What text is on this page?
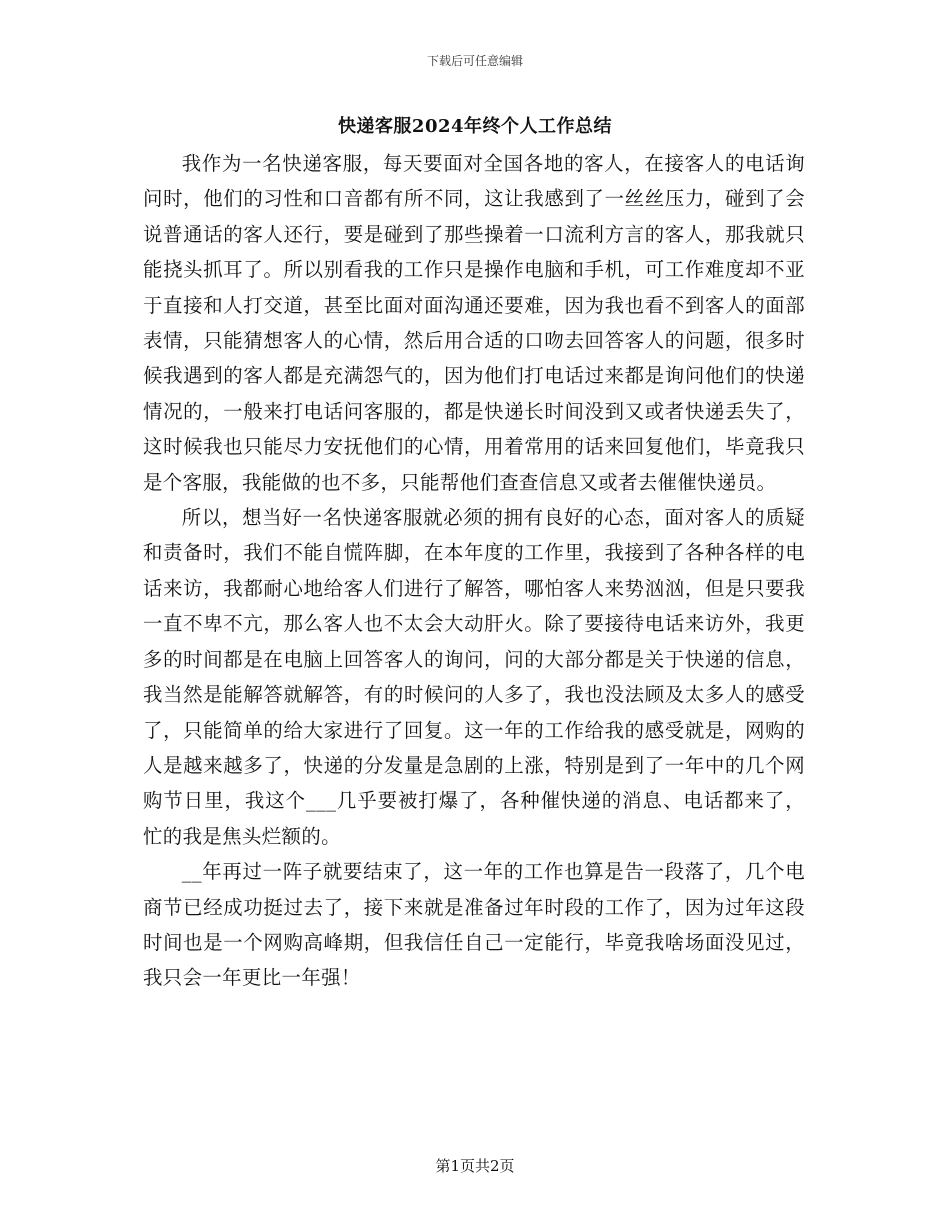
下载后可任意编辑
快递客服2024年终个人工作总结

我作为一名快递客服，每天要面对全国各地的客人，在接客人的电话询问时，他们的习性和口音都有所不同，这让我感到了一丝丝压力，碰到了会说普通话的客人还行，要是碰到了那些操着一口流利方言的客人，那我就只能挠头抓耳了。所以别看我的工作只是操作电脑和手机，可工作难度却不亚于直接和人打交道，甚至比面对面沟通还要难，因为我也看不到客人的面部表情，只能猜想客人的心情，然后用合适的口吻去回答客人的问题，很多时候我遇到的客人都是充满怨气的，因为他们打电话过来都是询问他们的快递情况的，一般来打电话问客服的，都是快递长时间没到又或者快递丢失了，这时候我也只能尽力安抚他们的心情，用着常用的话来回复他们，毕竟我只是个客服，我能做的也不多，只能帮他们查查信息又或者去催催快递员。

所以，想当好一名快递客服就必须的拥有良好的心态，面对客人的质疑和责备时，我们不能自慌阵脚，在本年度的工作里，我接到了各种各样的电话来访，我都耐心地给客人们进行了解答，哪怕客人来势汹汹，但是只要我一直不卑不亢，那么客人也不太会大动肝火。除了要接待电话来访外，我更多的时间都是在电脑上回答客人的询问，问的大部分都是关于快递的信息，我当然是能解答就解答，有的时候问的人多了，我也没法顾及太多人的感受了，只能简单的给大家进行了回复。这一年的工作给我的感受就是，网购的人是越来越多了，快递的分发量是急剧的上涨，特别是到了一年中的几个网购节日里，我这个___几乎要被打爆了，各种催快递的消息、电话都来了，忙的我是焦头烂额的。

__年再过一阵子就要结束了，这一年的工作也算是告一段落了，几个电商节已经成功挺过去了，接下来就是准备过年时段的工作了，因为过年这段时间也是一个网购高峰期，但我信任自己一定能行，毕竟我啥场面没见过，我只会一年更比一年强！

第1页共2页
